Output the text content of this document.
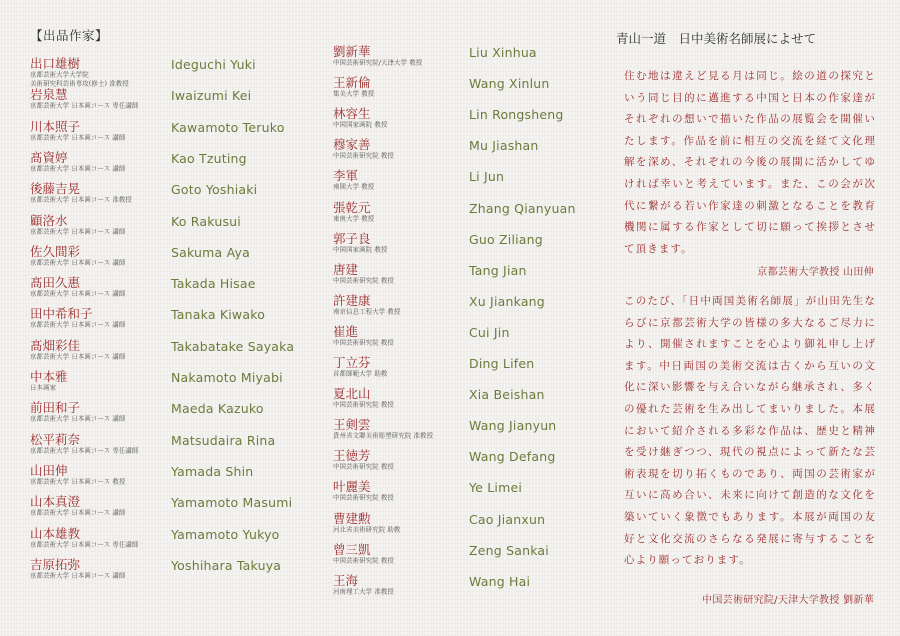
【出品作家】
出口雄樹
京都芸術大学大学院
美術研究科芸術専攻(修士) 准教授
岩泉慧
京都芸術大学 日本画コース 専任講師
川本照子
京都芸術大学 日本画コース 講師
髙資婷
京都芸術大学 日本画コース 講師
後藤吉晃
京都芸術大学 日本画コース 准教授
顧洛水
京都芸術大学 日本画コース 講師
佐久間彩
京都芸術大学 日本画コース 講師
髙田久惠
京都芸術大学 日本画コース 講師
田中希和子
京都芸術大学 日本画コース 講師
髙畑彩佳
京都芸術大学 日本画コース 講師
中本雅
日本画家
前田和子
京都芸術大学 日本画コース 講師
松平莉奈
京都芸術大学 日本画コース 専任講師
山田伸
京都芸術大学 日本画コース 教授
山本真澄
京都芸術大学 日本画コース 講師
山本雄教
京都芸術大学 日本画コース 専任講師
吉原拓弥
京都芸術大学 日本画コース 講師
Ideguchi Yuki
Iwaizumi Kei
Kawamoto Teruko
Kao Tzuting
Goto Yoshiaki
Ko Rakusui
Sakuma Aya
Takada Hisae
Tanaka Kiwako
Takabatake Sayaka
Nakamoto Miyabi
Maeda Kazuko
Matsudaira Rina
Yamada Shin
Yamamoto Masumi
Yamamoto Yukyo
Yoshihara Takuya
劉新華
中国芸術研究院/天津大学 教授
王新倫
集美大学 教授
林容生
中国国家画院 教授
穆家善
中国芸術研究院 教授
李軍
南開大学 教授
張乾元
東南大学 教授
郭子良
中国国家画院 教授
唐建
中国芸術研究院 教授
許建康
南京信息工程大学 教授
崔進
中国芸術研究院 教授
丁立芬
首都師範大学 助教
夏北山
中国芸術研究院 教授
王剣雲
貴州省文聯美術彫塑研究院 准教授
王徳芳
中国芸術研究院 教授
叶麗美
中国芸術研究院 教授
曹建勲
河北省美術研究院 助教
曾三凱
中国芸術研究院 教授
王海
河南理工大学 准教授
Liu Xinhua
Wang Xinlun
Lin Rongsheng
Mu Jiashan
Li Jun
Zhang Qianyuan
Guo Ziliang
Tang Jian
Xu Jiankang
Cui Jin
Ding Lifen
Xia Beishan
Wang Jianyun
Wang Defang
Ye Limei
Cao Jianxun
Zeng Sankai
Wang Hai
青山一道　日中美術名師展によせて
住む地は違えど見る月は同じ。絵の道の探究という同じ目的に邁進する中国と日本の作家達がそれぞれの想いで描いた作品の展覧会を開催いたします。作品を前に相互の交流を経て文化理解を深め、それぞれの今後の展開に活かしてゆければ幸いと考えています。また、この会が次代に繋がる若い作家達の刺激となることを教育機関に属する作家として切に願って挨拶とさせて頂きます。
京都芸術大学教授 山田伸
このたび、「日中両国美術名師展」が山田先生ならびに京都芸術大学の皆様の多大なるご尽力により、開催されますことを心より御礼申し上げます。中日両国の美術交流は古くから互いの文化に深い影響を与え合いながら継承され、多くの優れた芸術を生み出してまいりました。本展において紹介される多彩な作品は、歴史と精神を受け継ぎつつ、現代の視点によって新たな芸術表現を切り拓くものであり、両国の芸術家が互いに高め合い、未来に向けて創造的な文化を築いていく象徴でもあります。本展が両国の友好と文化交流のさらなる発展に寄与することを心より願っております。
中国芸術研究院/天津大学教授 劉新華
